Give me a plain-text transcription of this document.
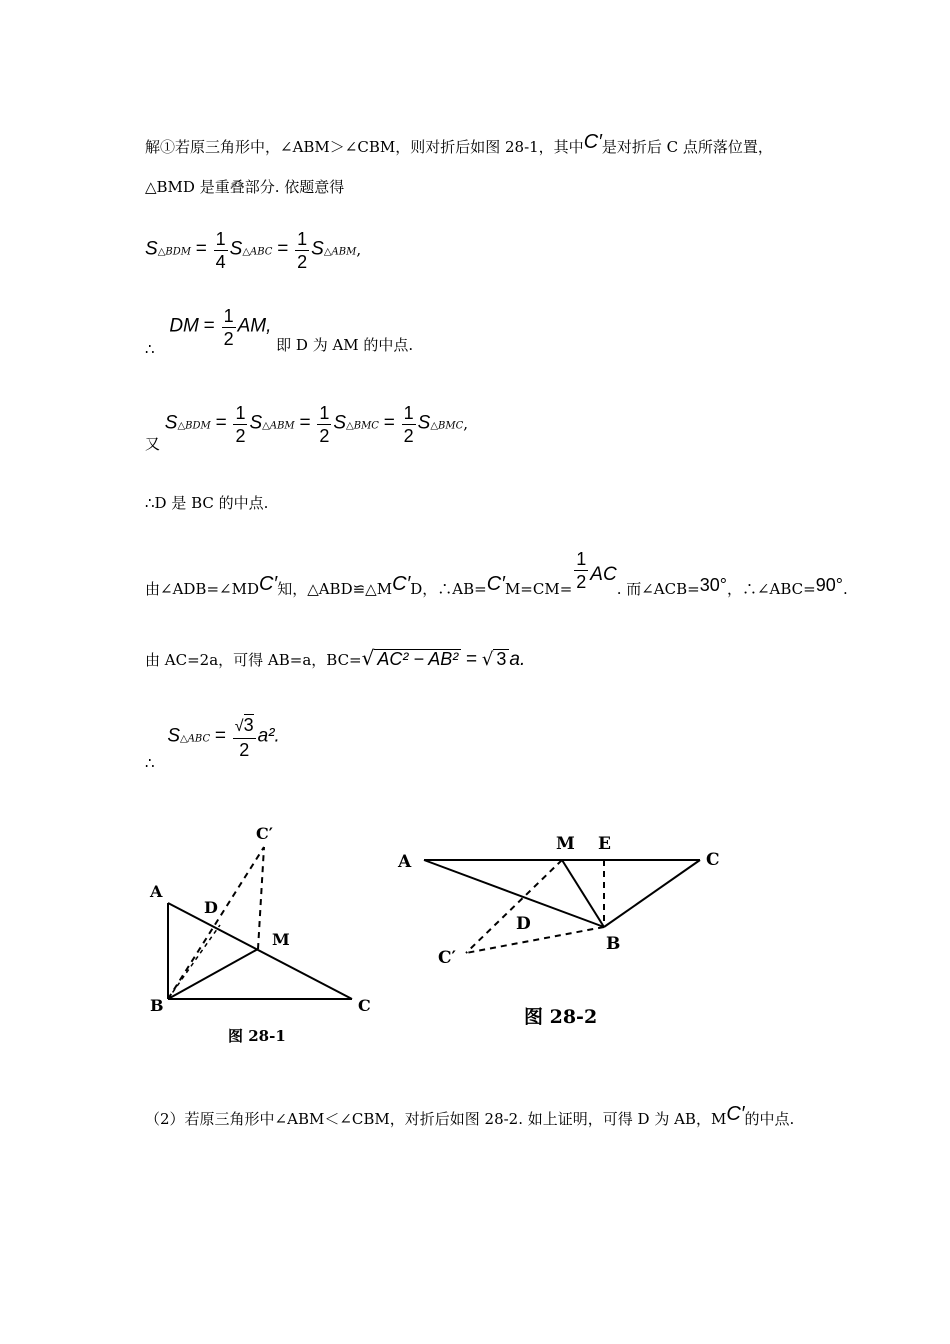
解①若原三角形中，∠ABM＞∠CBM，则对折后如图 28-1，其中C′是对折后 C 点所落位置，
△BMD 是重叠部分. 依题意得
S△BDM = $\frac{1}{4}$ S△ABC = $\frac{1}{2}$ S△ABM,
∴ DM = $\frac{1}{2}$ AM, 即 D 为 AM 的中点.
又 S△BDM = $\frac{1}{2}$ S△ABM = $\frac{1}{2}$ S△BMC = $\frac{1}{2}$ S△BMC,
∴D 是 BC 的中点.
由∠ADB=∠MDC′知，△ABD≌△MC′D，∴AB=C′M=CM= $\frac{1}{2}$ AC. 而∠ACB=30°，∴∠ABC=90°.
由 AC=2a，可得 AB=a，BC=√ AC² − AB² = √ 3 a.
∴ S△ABC = $\frac{√3}{2} a^2$.
A
B	C
C′
D
M
图 28-1
A	C
M E
D
B
C′
图 28-2
（2）若原三角形中∠ABM＜∠CBM，对折后如图 28-2. 如上证明，可得 D 为 AB，MC′的中点.
